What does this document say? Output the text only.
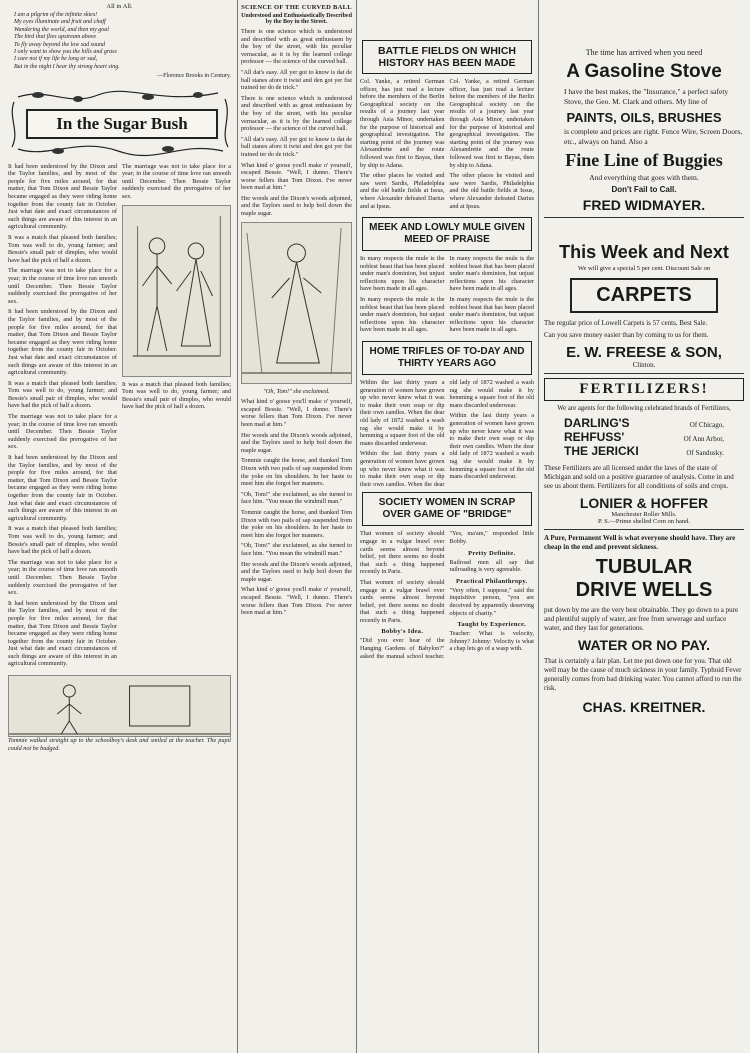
All in All.
I am a pilgrim of the infinite skies!
My eyes illuminate and fruit and chaff
Wandering the world, and then my goal
The bird that flies upstream above
To fly away beyond the low sad sound
I only want to show you the hills and grass
I care not if my life be long or sad,
But in the night I hear thy strong heart sing.
—Florence Brooks in Century.
In the Sugar Bush

It had been understood by the Dixon and the Taylor families, and by most of the people for five miles around, for that matter, that Tom Dixon and Bessie Taylor became engaged as they were riding home together from the county fair in October. Just what date and exact circumstances of such things are aware of this interest in an agricultural community.

It was a match that pleased both families; Tom was well to do, young farmer; and Bessie's small pair of dimples, who would have had the pick of half a dozen.

The marriage was not to take place for a year; in the course of time love ran smooth until December. Then Bessie Taylor suddenly exercised the prerogative of her sex.

It had been understood by the Dixon and the Taylor families, and by most of the people for five miles around, for that matter, that Tom Dixon and Bessie Taylor became engaged as they were riding home together from the county fair in October. Just what date and exact circumstances of such things are aware of this interest in an agricultural community.

It was a match that pleased both families; Tom was well to do, young farmer; and Bessie's small pair of dimples, who would have had the pick of half a dozen.

The marriage was not to take place for a year; in the course of time love ran smooth until December. Then Bessie Taylor suddenly exercised the prerogative of her sex.

It had been understood by the Dixon and the Taylor families, and by most of the people for five miles around, for that matter, that Tom Dixon and Bessie Taylor became engaged as they were riding home together from the county fair in October. Just what date and exact circumstances of such things are aware of this interest in an agricultural community.

It was a match that pleased both families; Tom was well to do, young farmer; and Bessie's small pair of dimples, who would have had the pick of half a dozen.

The marriage was not to take place for a year; in the course of time love ran smooth until December. Then Bessie Taylor suddenly exercised the prerogative of her sex.

It had been understood by the Dixon and the Taylor families, and by most of the people for five miles around, for that matter, that Tom Dixon and Bessie Taylor became engaged as they were riding home together from the county fair in October. Just what date and exact circumstances of such things are aware of this interest in an agricultural community.

The marriage was not to take place for a year; in the course of time love ran smooth until December. Then Bessie Taylor suddenly exercised the prerogative of her sex.

It was a match that pleased both families; Tom was well to do, young farmer; and Bessie's small pair of dimples, who would have had the pick of half a dozen.

Tommie walked straight up to the schoolboy's desk and smiled at the teacher. The pupil could not be budged.

SCIENCE OF THE CURVED BALL
Understood and Enthusiastically Described by the Boy in the Street.

There is one science which is understood and described with as great enthusiasm by the boy of the street, with his peculiar vernacular, as it is by the learned college professor — the science of the curved ball.

"All dat's easy. All yer got to know is dat de ball stanes afore it twist and den got yer fist trained ter do de trick."

There is one science which is understood and described with as great enthusiasm by the boy of the street, with his peculiar vernacular, as it is by the learned college professor — the science of the curved ball.

"All dat's easy. All yer got to know is dat de ball stanes afore it twist and den got yer fist trained ter do de trick."

What kind o' goose you'll make o' yourself, escaped Bessie. "Well, I dunno. There's worse fellers than Tom Dixon. I've never been mad at him."

Her woods and the Dixon's woods adjoined, and the Taylors used to help boil down the maple sugar.

"Oh, Tom!" she exclaimed.

What kind o' goose you'll make o' yourself, escaped Bessie. "Well, I dunno. There's worse fellers than Tom Dixon. I've never been mad at him."

Her woods and the Dixon's woods adjoined, and the Taylors used to help boil down the maple sugar.

Tommie caught the horse, and thanked Tom Dixon with two pails of sap suspended from the yoke on his shoulders. In her haste to meet him she forgot her manners.

"Oh, Tom!" she exclaimed, as she turned to face him. "You mean the windmill man."

Tommie caught the horse, and thanked Tom Dixon with two pails of sap suspended from the yoke on his shoulders. In her haste to meet him she forgot her manners.

"Oh, Tom!" she exclaimed, as she turned to face him. "You mean the windmill man."

Her woods and the Dixon's woods adjoined, and the Taylors used to help boil down the maple sugar.

What kind o' goose you'll make o' yourself, escaped Bessie. "Well, I dunno. There's worse fellers than Tom Dixon. I've never been mad at him."

BATTLE FIELDS ON WHICH HISTORY HAS BEEN MADE

Col. Yanke, a retired German officer, has just read a lecture before the members of the Berlin Geographical society on the results of a journey last year through Asia Minor, undertaken for the purpose of historical and geographical investigation. The starting point of the journey was Alexandrette and the route followed was first to Bayas, then by ship to Adana.

The other places he visited and saw were Sardis, Philadelphia and the old battle fields at Issus, where Alexander defeated Darius and at Ipsus.

Col. Yanke, a retired German officer, has just read a lecture before the members of the Berlin Geographical society on the results of a journey last year through Asia Minor, undertaken for the purpose of historical and geographical investigation. The starting point of the journey was Alexandrette and the route followed was first to Bayas, then by ship to Adana.

The other places he visited and saw were Sardis, Philadelphia and the old battle fields at Issus, where Alexander defeated Darius and at Ipsus.

MEEK AND LOWLY MULE GIVEN MEED OF PRAISE

In many respects the mule is the noblest beast that has been placed under man's dominion, but unjust reflections upon his character have been made in all ages.

In many respects the mule is the noblest beast that has been placed under man's dominion, but unjust reflections upon his character have been made in all ages.

In many respects the mule is the noblest beast that has been placed under man's dominion, but unjust reflections upon his character have been made in all ages.

In many respects the mule is the noblest beast that has been placed under man's dominion, but unjust reflections upon his character have been made in all ages.

HOME TRIFLES OF TO-DAY AND THIRTY YEARS AGO

Within the last thirty years a generation of women have grown up who never knew what it was to make their own soap or dip their own candles. When the dear old lady of 1872 washed a wash rag she would make it by hemming a square foot of the old mans discarded underwear.

Within the last thirty years a generation of women have grown up who never knew what it was to make their own soap or dip their own candles. When the dear old lady of 1872 washed a wash rag she would make it by hemming a square foot of the old mans discarded underwear.

Within the last thirty years a generation of women have grown up who never knew what it was to make their own soap or dip their own candles. When the dear old lady of 1872 washed a wash rag she would make it by hemming a square foot of the old mans discarded underwear.

SOCIETY WOMEN IN SCRAP OVER GAME OF "BRIDGE"

That women of society should engage in a vulgar brawl over cards seems almost beyond belief, yet there seems no doubt that such a thing happened recently in Paris.

That women of society should engage in a vulgar brawl over cards seems almost beyond belief, yet there seems no doubt that such a thing happened recently in Paris.

Bobby's Idea.

"Did you ever hear of the Hanging Gardens of Babylon?" asked the manual school teacher. "Yes, ma'am," responded little Bobby.

Pretty Definite.

Railroad men all say that railroading is very agreeable.

Practical Philanthropy.

"Very often, I suppose," said the inquisitive person, "you are deceived by apparently deserving objects of charity."

Taught by Experience.

Teacher: What is velocity, Johnny? Johnny: Velocity is what a chap lets go of a wasp with.

The time has arrived when you need
A Gasoline Stove
I have the best makes, the "Insurance," a perfect safety Stove, the Geo. M. Clark and others. My line of
PAINTS, OILS, BRUSHES
is complete and prices are right. Fence Wire, Screen Doors, etc., always on hand. Also a
Fine Line of Buggies
And everything that goes with them.
Don't Fail to Call.
FRED WIDMAYER.
This Week and Next
We will give a special 5 per cent. Discount Sale on
CARPETS
The regular price of Lowell Carpets is 57 cents, Best Sale.
Can you save money easier than by coming to us for them.
E. W. FREESE & SON,
Clinton.
FERTILIZERS!
We are agents for the following celebrated brands of Fertilizers,
DARLING'S	Of Chicago,
REHFUSS'	Of Ann Arbor,
THE JERICKI	Of Sandusky.
These Fertilizers are all licensed under the laws of the state of Michigan and sold on a positive guarantee of analysis. Come in and see us about them. Fertilizers for all conditions of soils and crops.
LONIER & HOFFER
Manchester Roller Mills.
P. S.—Prime shelled Corn on hand.
A Pure, Permanent Well is what everyone should have. They are cheap in the end and prevent sickness.
TUBULAR
DRIVE WELLS
put down by me are the very best obtainable. They go down to a pure and plentiful supply of water, are free from sewerage and surface water, and they last for generations.
WATER OR NO PAY.
That is certainly a fair plan. Let me put down one for you. That old well may be the cause of much sickness in your family. Typhoid Fever generally comes from bad drinking water. You cannot afford to run the risk.
CHAS. KREITNER.
